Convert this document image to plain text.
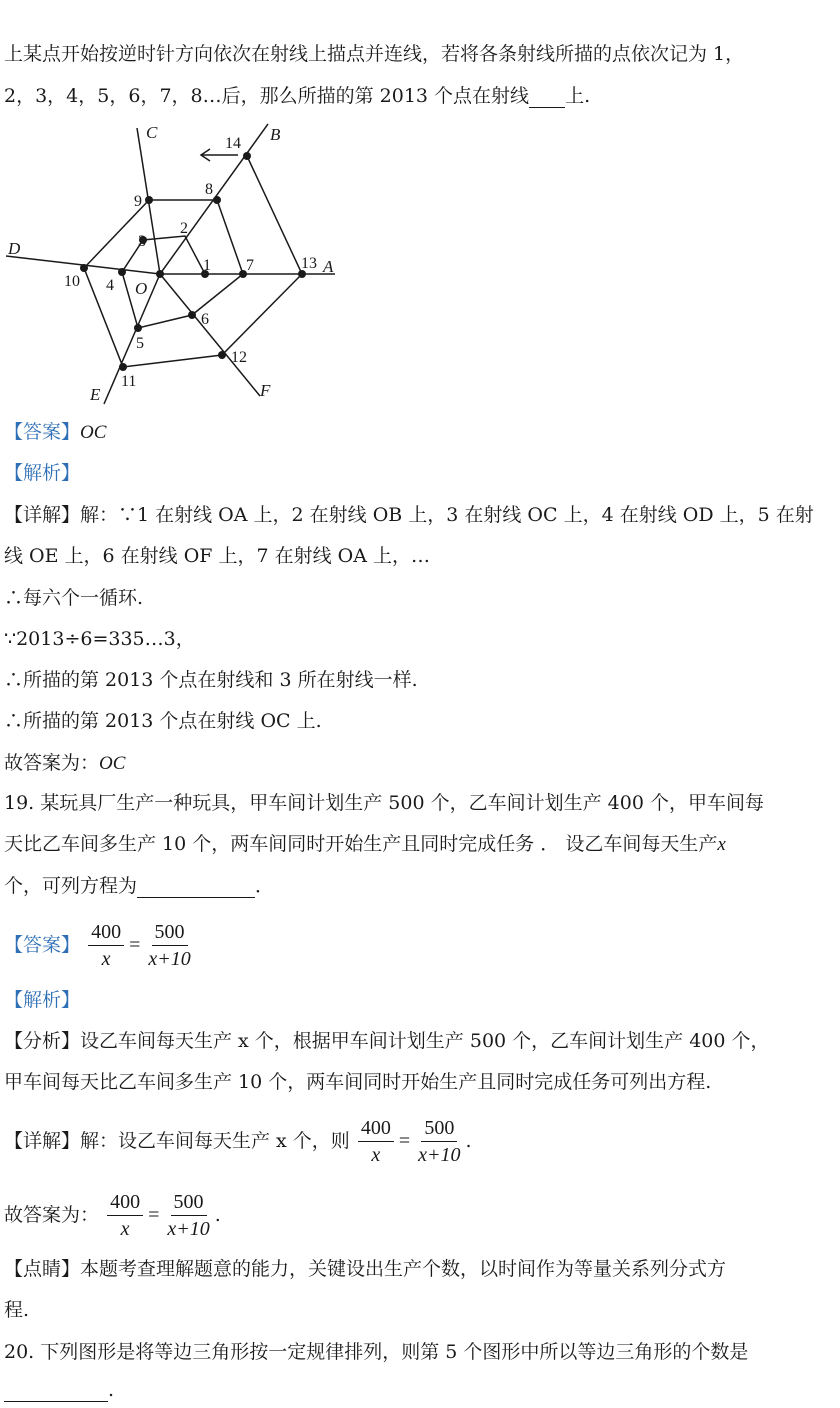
上某点开始按逆时针方向依次在射线上描点并连线，若将各条射线所描的点依次记为 1，
2，3，4，5，6，7，8…后，那么所描的第 2013 个点在射线 上.
A
B
C
D
E	F
O
1
2
3
4
5
6
7
8
9
10
11
12
13
14
【答案】OC
【解析】
【详解】解：∵1 在射线 OA 上，2 在射线 OB 上，3 在射线 OC 上，4 在射线 OD 上，5 在射
线 OE 上，6 在射线 OF 上，7 在射线 OA 上，…
∴每六个一循环.
∵2013÷6=335…3，
∴所描的第 2013 个点在射线和 3 所在射线一样.
∴所描的第 2013 个点在射线 OC 上.
故答案为：OC
19. 某玩具厂生产一种玩具，甲车间计划生产 500 个，乙车间计划生产 400 个，甲车间每
天比乙车间多生产 10 个，两车间同时开始生产且同时完成任务 ． 设乙车间每天生产x
个，可列方程为	．
【答案】 $\frac{400}{x} = \frac{500}{x+10}$
【解析】
【分析】设乙车间每天生产 x 个，根据甲车间计划生产 500 个，乙车间计划生产 400 个，
甲车间每天比乙车间多生产 10 个，两车间同时开始生产且同时完成任务可列出方程.
【详解】解：设乙车间每天生产 x 个，则 $\frac{400}{x} = \frac{500}{x+10}$ .
故答案为： $\frac{400}{x} = \frac{500}{x+10}$ .
【点睛】本题考查理解题意的能力，关键设出生产个数，以时间作为等量关系列分式方
程.
20. 下列图形是将等边三角形按一定规律排列，则第 5 个图形中所以等边三角形的个数是
.
